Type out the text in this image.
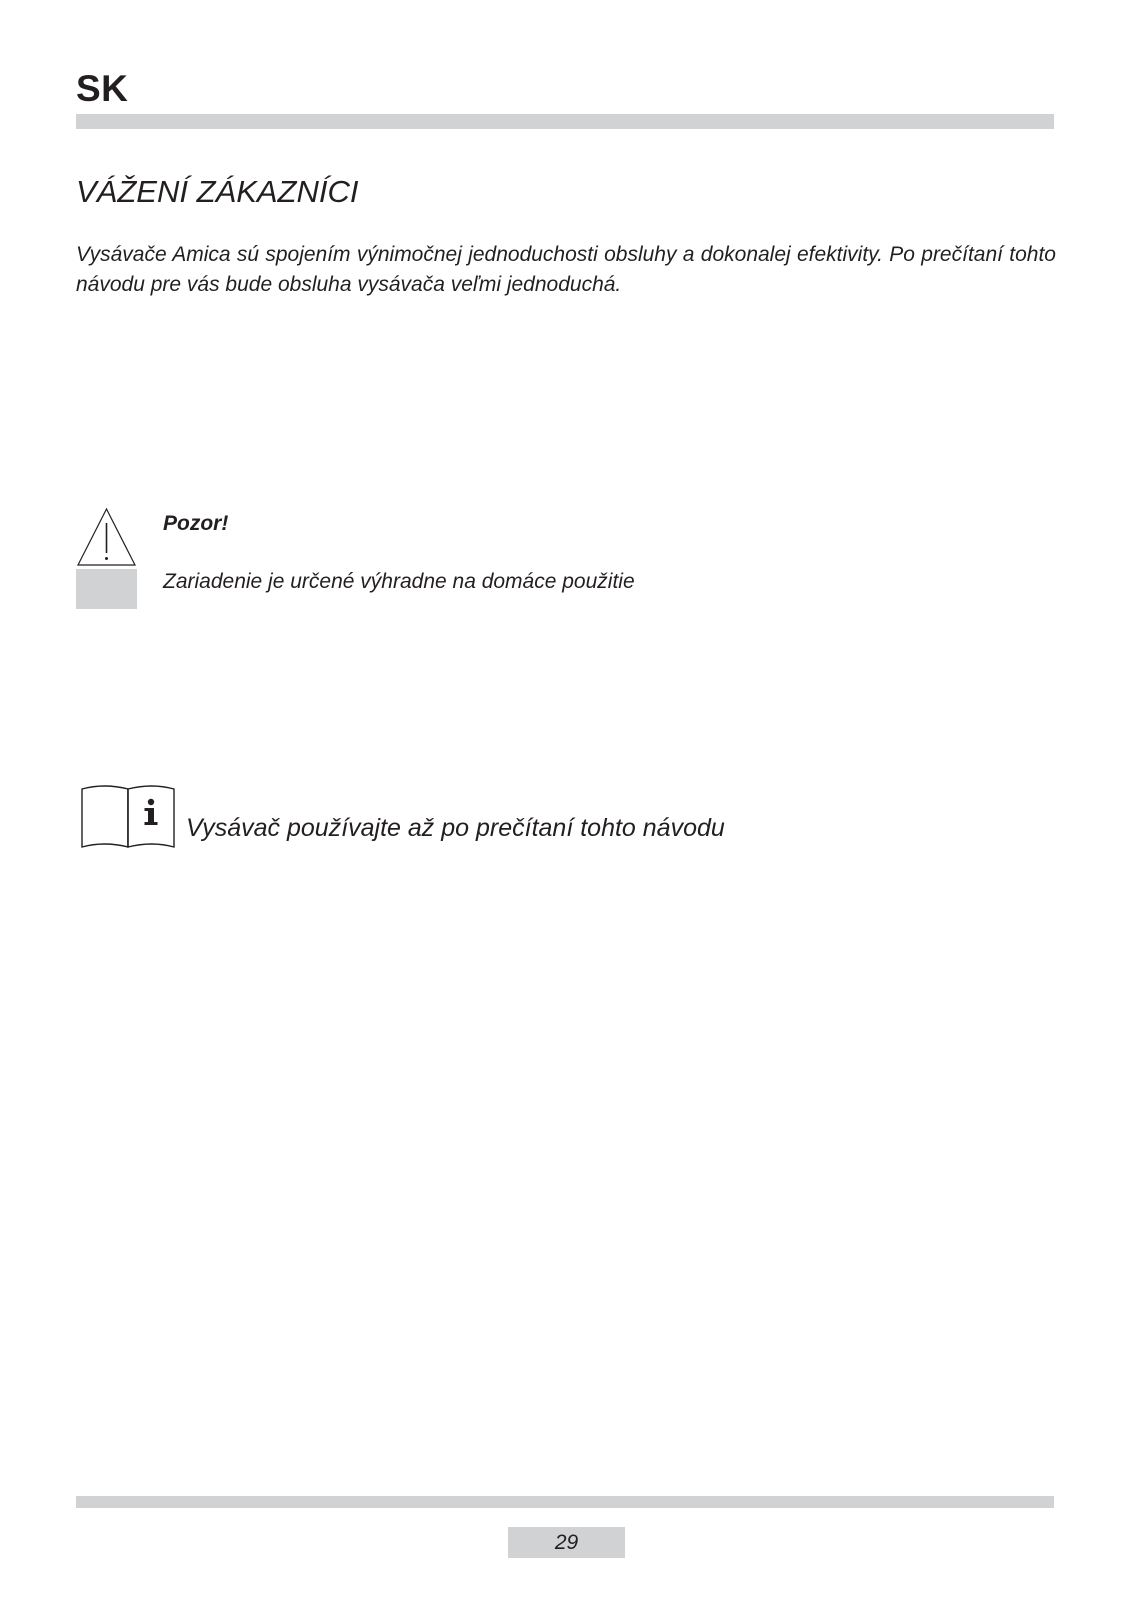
SK
VÁŽENÍ ZÁKAZNÍCI
Vysávače Amica sú spojením výnimočnej jednoduchosti obsluhy a dokonalej efektivity. Po prečítaní tohto návodu pre vás bude obsluha vysávača veľmi jednoduchá.
Pozor!
Zariadenie je určené výhradne na domáce použitie
Vysávač používajte až po prečítaní tohto návodu
29
